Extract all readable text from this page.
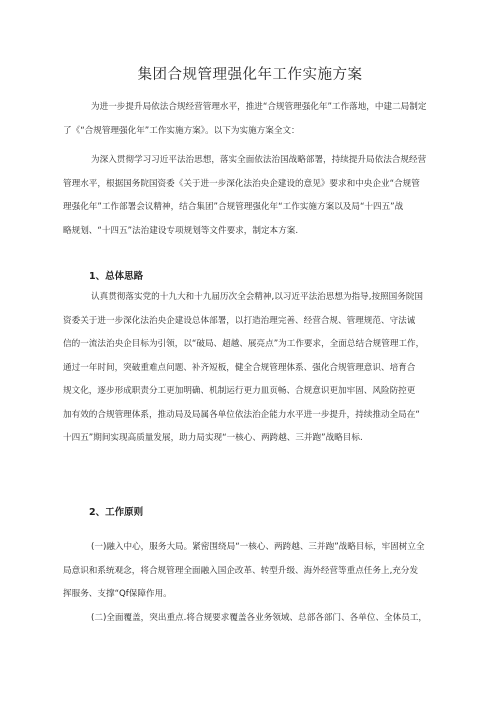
集团合规管理强化年工作实施方案
为进一步提升局依法合规经营管理水平，推进“合规管理强化年”工作落地，中建二局制定
了《“合规管理强化年”工作实施方案》。以下为实施方案全文：
为深入贯彻学习习近平法治思想，落实全面依法治国战略部署，持续提升局依法合规经营
管理水平，根据国务院国资委《关于进一步深化法治央企建设的意见》要求和中央企业“合规管
理强化年”工作部署会议精神，结合集团”合规管理强化年“工作实施方案以及局“十四五”战
略规划、“十四五”法治建设专项规划等文件要求，制定本方案.
1、总体思路
认真贯彻落实党的十九大和十九届历次全会精神,以习近平法治思想为指导,按照国务院国
资委关于进一步深化法治央企建设总体部署，以打造治理完善、经营合规、管理规范、守法诚
信的一流法治央企目标为引领，以“破局、超越、展亮点”为工作要求，全面总结合规管理工作，
通过一年时间，突破重难点问题、补齐短板，健全合规管理体系、强化合规管理意识、培育合
规文化，逐步形成职责分工更加明确、机制运行更力皿页畅、合规意识更加牢固、风险防控更
加有效的合规管理体系，推动局及局属各单位依法治企能力水平进一步提升，持续推动全局在“
十四五”期间实现高质量发展，助力局实现“一核心、两跨越、三并跑”战略目标.
2、工作原则
(一)融入中心，服务大局。紧密围绕局“一核心、两跨越、三并跑”战略目标，牢固树立全
局意识和系统观念，将合规管理全面融入国企改革、转型升级、海外经营等重点任务上,充分发
挥服务、支撑“Qf保障作用。
(二)全面覆盖，突出重点.将合规要求覆盖各业务领域、总部各部门、各单位、全体员工，
